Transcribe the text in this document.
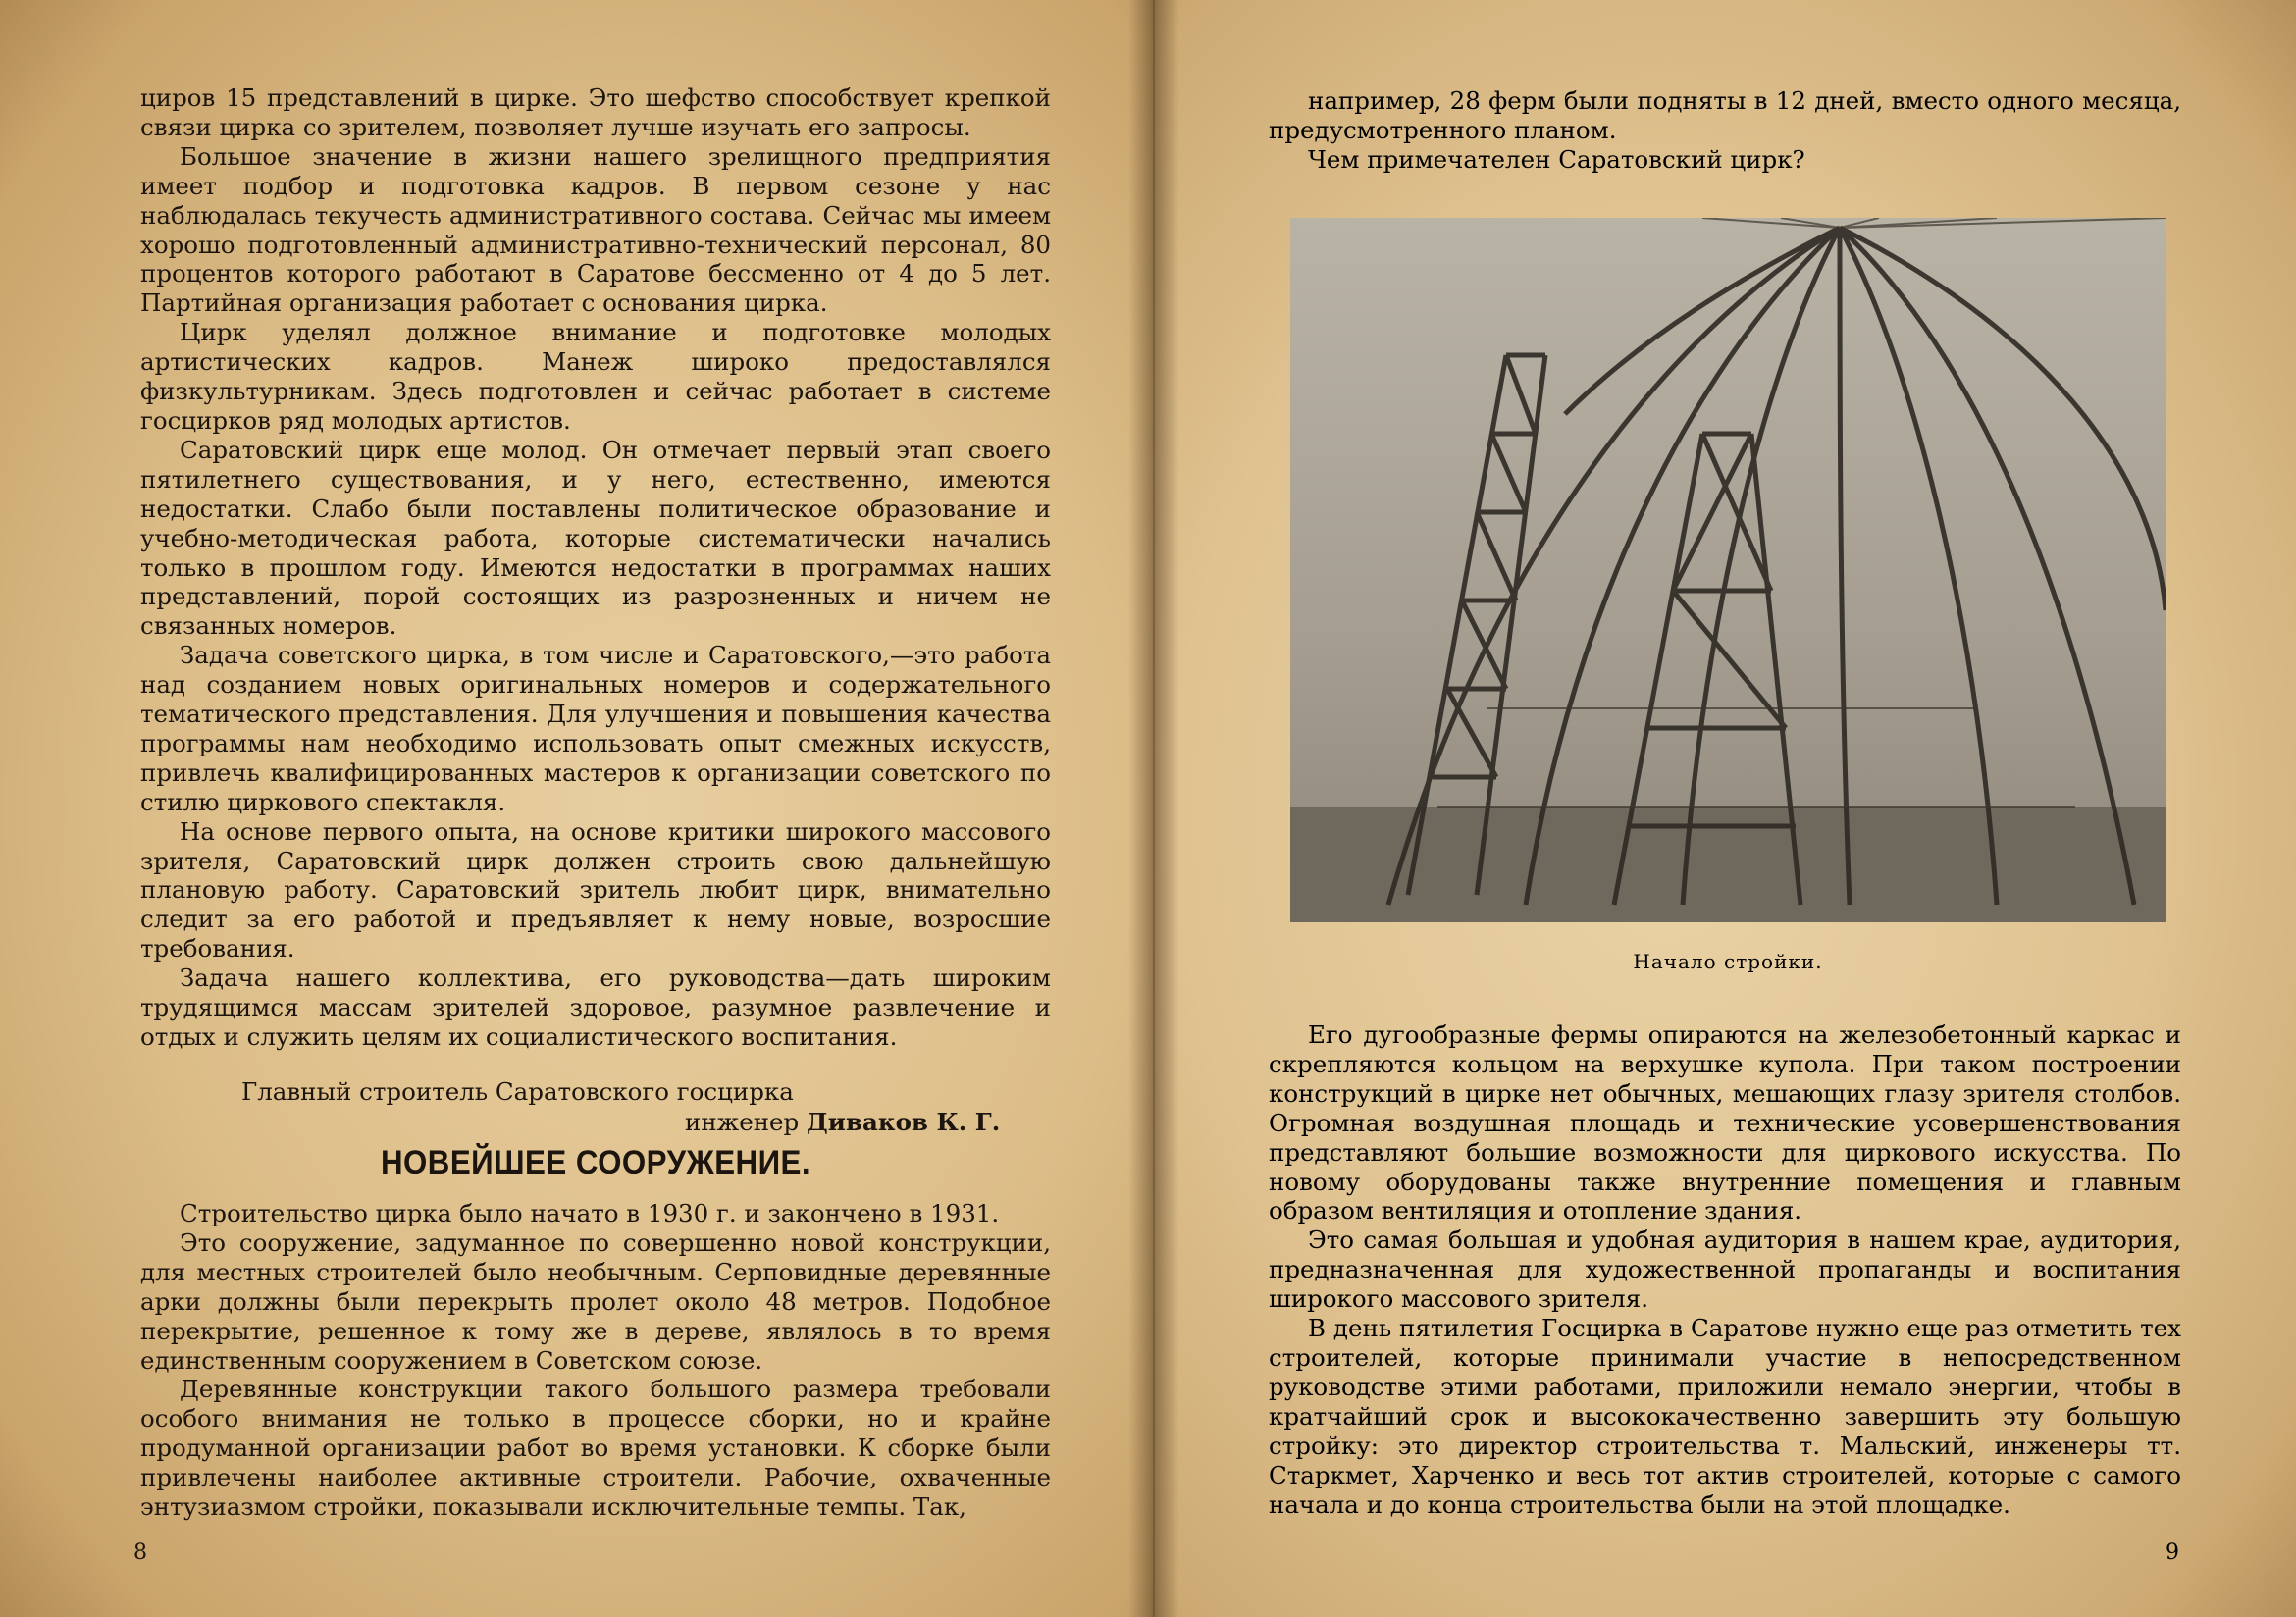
циров 15 представлений в цирке. Это шефство способствует крепкой связи цирка со зрителем, позволяет лучше изучать его запросы.

Большое значение в жизни нашего зрелищного предприятия имеет подбор и подготовка кадров. В первом сезоне у нас наблюдалась текучесть административного состава. Сейчас мы имеем хорошо подготовленный административно-технический персонал, 80 процентов которого работают в Саратове бессменно от 4 до 5 лет. Партийная организация работает с основания цирка.

Цирк уделял должное внимание и подготовке молодых артистических кадров. Манеж широко предоставлялся физкультурникам. Здесь подготовлен и сейчас работает в системе госцирков ряд молодых артистов.

Саратовский цирк еще молод. Он отмечает первый этап своего пятилетнего существования, и у него, естественно, имеются недостатки. Слабо были поставлены политическое образование и учебно-методическая работа, которые систематически начались только в прошлом году. Имеются недостатки в программах наших представлений, порой состоящих из разрозненных и ничем не связанных номеров.

Задача советского цирка, в том числе и Саратовского,—это работа над созданием новых оригинальных номеров и содержательного тематического представления. Для улучшения и повышения качества программы нам необходимо использовать опыт смежных искусств, привлечь квалифицированных мастеров к организации советского по стилю циркового спектакля.

На основе первого опыта, на основе критики широкого массового зрителя, Саратовский цирк должен строить свою дальнейшую плановую работу. Саратовский зритель любит цирк, внимательно следит за его работой и предъявляет к нему новые, возросшие требования.

Задача нашего коллектива, его руководства—дать широким трудящимся массам зрителей здоровое, разумное развлечение и отдых и служить целям их социалистического воспитания.

Главный строитель Саратовского госцирка
инженер Диваков К. Г.
НОВЕЙШЕЕ СООРУЖЕНИЕ.

Строительство цирка было начато в 1930 г. и закончено в 1931.

Это сооружение, задуманное по совершенно новой конструкции, для местных строителей было необычным. Серповидные деревянные арки должны были перекрыть пролет около 48 метров. Подобное перекрытие, решенное к тому же в дереве, являлось в то время единственным сооружением в Советском союзе.

Деревянные конструкции такого большого размера требовали особого внимания не только в процессе сборки, но и крайне продуманной организации работ во время установки. К сборке были привлечены наиболее активные строители. Рабочие, охваченные энтузиазмом стройки, показывали исключительные темпы. Так,

8

например, 28 ферм были подняты в 12 дней, вместо одного месяца, предусмотренного планом.

Чем примечателен Саратовский цирк?

Начало стройки.

Его дугообразные фермы опираются на железобетонный каркас и скрепляются кольцом на верхушке купола. При таком построении конструкций в цирке нет обычных, мешающих глазу зрителя столбов. Огромная воздушная площадь и технические усовершенствования представляют большие возможности для циркового искусства. По новому оборудованы также внутренние помещения и главным образом вентиляция и отопление здания.

Это самая большая и удобная аудитория в нашем крае, аудитория, предназначенная для художественной пропаганды и воспитания широкого массового зрителя.

В день пятилетия Госцирка в Саратове нужно еще раз отметить тех строителей, которые принимали участие в непосредственном руководстве этими работами, приложили немало энергии, чтобы в кратчайший срок и высококачественно завершить эту большую стройку: это директор строительства т. Мальский, инженеры тт. Старкмет, Харченко и весь тот актив строителей, которые с самого начала и до конца строительства были на этой площадке.

9
